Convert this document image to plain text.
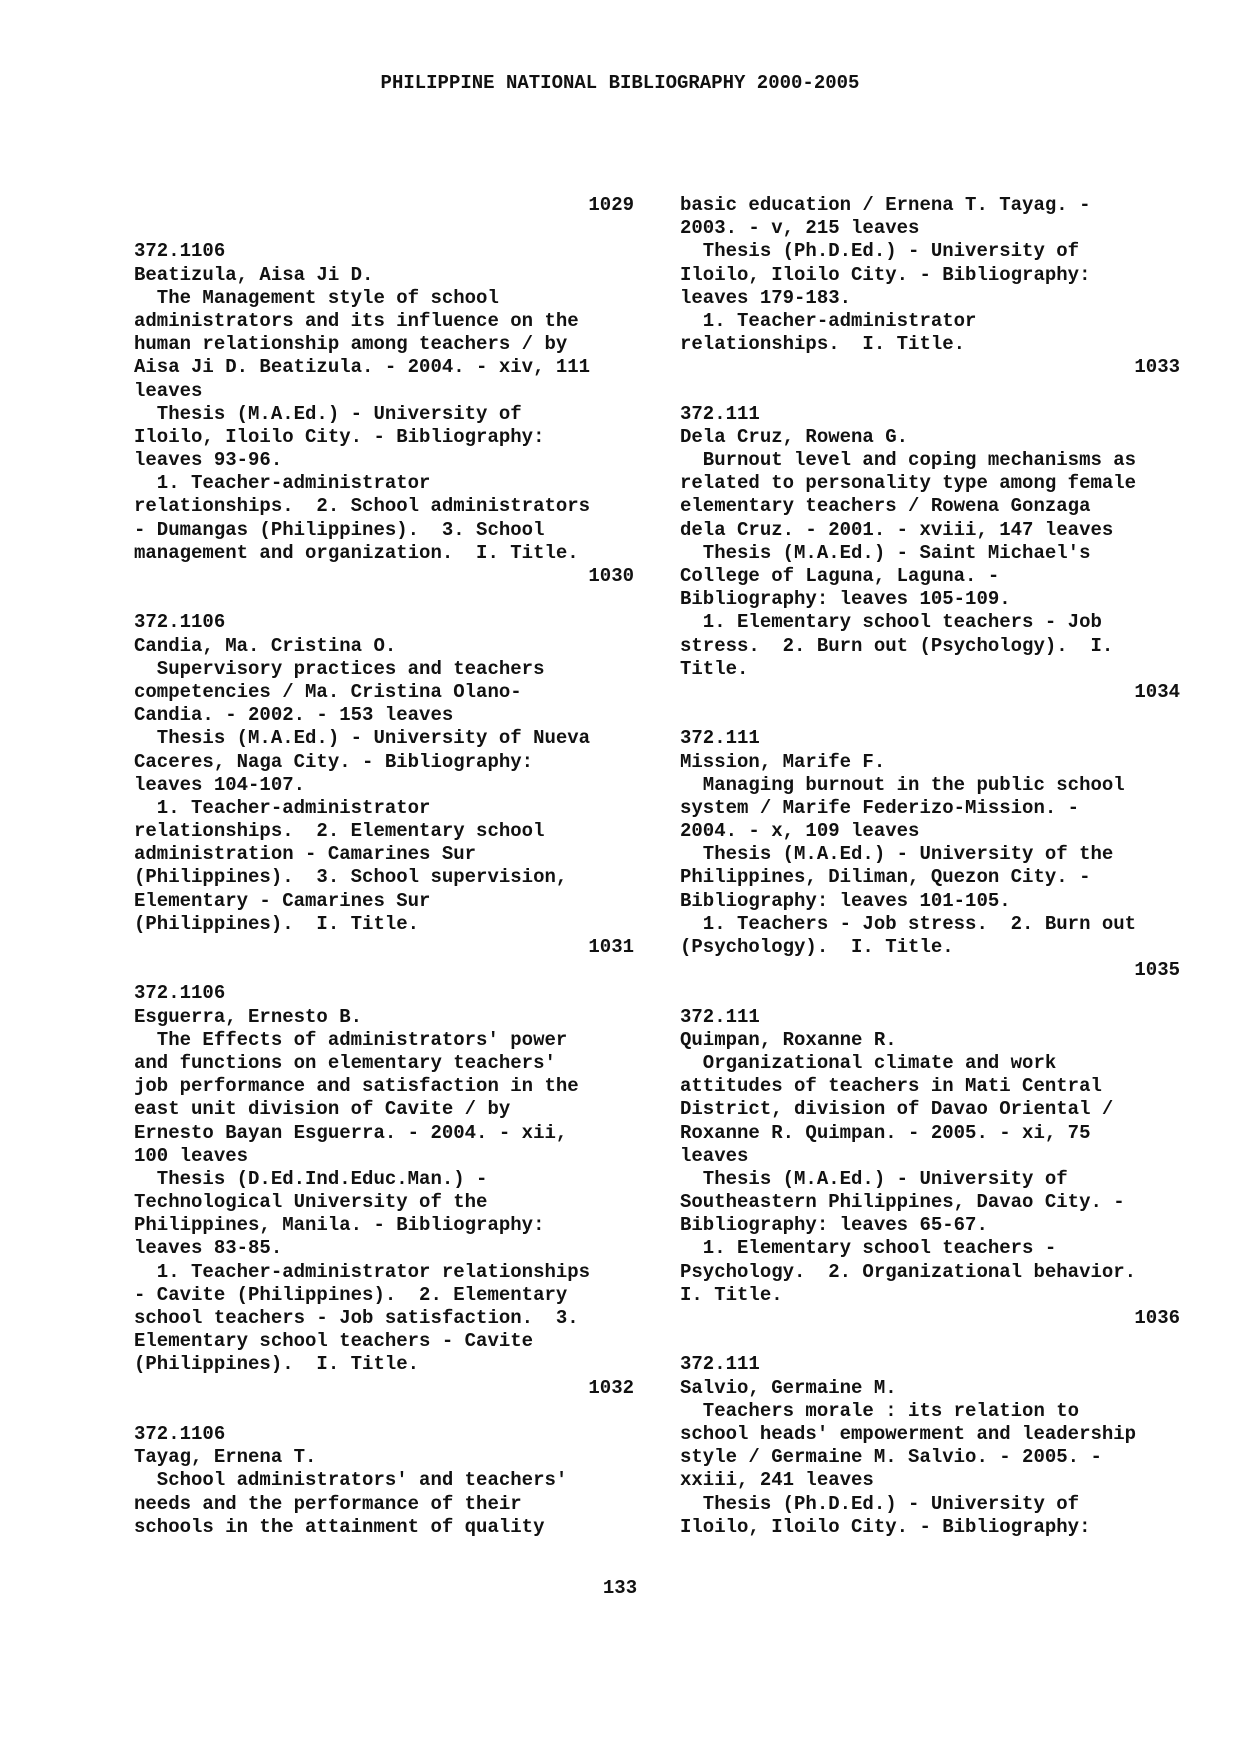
PHILIPPINE NATIONAL BIBLIOGRAPHY 2000-2005
1029
372.1106
Beatizula, Aisa Ji D.
The Management style of school
administrators and its influence on the
human relationship among teachers / by
Aisa Ji D. Beatizula. - 2004. - xiv, 111
leaves
Thesis (M.A.Ed.) - University of
Iloilo, Iloilo City. - Bibliography:
leaves 93-96.
1. Teacher-administrator
relationships.  2. School administrators
- Dumangas (Philippines).  3. School
management and organization.  I. Title.
1030
372.1106
Candia, Ma. Cristina O.
Supervisory practices and teachers
competencies / Ma. Cristina Olano-
Candia. - 2002. - 153 leaves
Thesis (M.A.Ed.) - University of Nueva
Caceres, Naga City. - Bibliography:
leaves 104-107.
1. Teacher-administrator
relationships.  2. Elementary school
administration - Camarines Sur
(Philippines).  3. School supervision,
Elementary - Camarines Sur
(Philippines).  I. Title.
1031
372.1106
Esguerra, Ernesto B.
The Effects of administrators' power
and functions on elementary teachers'
job performance and satisfaction in the
east unit division of Cavite / by
Ernesto Bayan Esguerra. - 2004. - xii,
100 leaves
Thesis (D.Ed.Ind.Educ.Man.) -
Technological University of the
Philippines, Manila. - Bibliography:
leaves 83-85.
1. Teacher-administrator relationships
- Cavite (Philippines).  2. Elementary
school teachers - Job satisfaction.  3.
Elementary school teachers - Cavite
(Philippines).  I. Title.
1032
372.1106
Tayag, Ernena T.
School administrators' and teachers'
needs and the performance of their
schools in the attainment of quality
basic education / Ernena T. Tayag. -
2003. - v, 215 leaves
Thesis (Ph.D.Ed.) - University of
Iloilo, Iloilo City. - Bibliography:
leaves 179-183.
1. Teacher-administrator
relationships.  I. Title.
1033
372.111
Dela Cruz, Rowena G.
Burnout level and coping mechanisms as
related to personality type among female
elementary teachers / Rowena Gonzaga
dela Cruz. - 2001. - xviii, 147 leaves
Thesis (M.A.Ed.) - Saint Michael's
College of Laguna, Laguna. -
Bibliography: leaves 105-109.
1. Elementary school teachers - Job
stress.  2. Burn out (Psychology).  I.
Title.
1034
372.111
Mission, Marife F.
Managing burnout in the public school
system / Marife Federizo-Mission. -
2004. - x, 109 leaves
Thesis (M.A.Ed.) - University of the
Philippines, Diliman, Quezon City. -
Bibliography: leaves 101-105.
1. Teachers - Job stress.  2. Burn out
(Psychology).  I. Title.
1035
372.111
Quimpan, Roxanne R.
Organizational climate and work
attitudes of teachers in Mati Central
District, division of Davao Oriental /
Roxanne R. Quimpan. - 2005. - xi, 75
leaves
Thesis (M.A.Ed.) - University of
Southeastern Philippines, Davao City. -
Bibliography: leaves 65-67.
1. Elementary school teachers -
Psychology.  2. Organizational behavior.
I. Title.
1036
372.111
Salvio, Germaine M.
Teachers morale : its relation to
school heads' empowerment and leadership
style / Germaine M. Salvio. - 2005. -
xxiii, 241 leaves
Thesis (Ph.D.Ed.) - University of
Iloilo, Iloilo City. - Bibliography:
133
